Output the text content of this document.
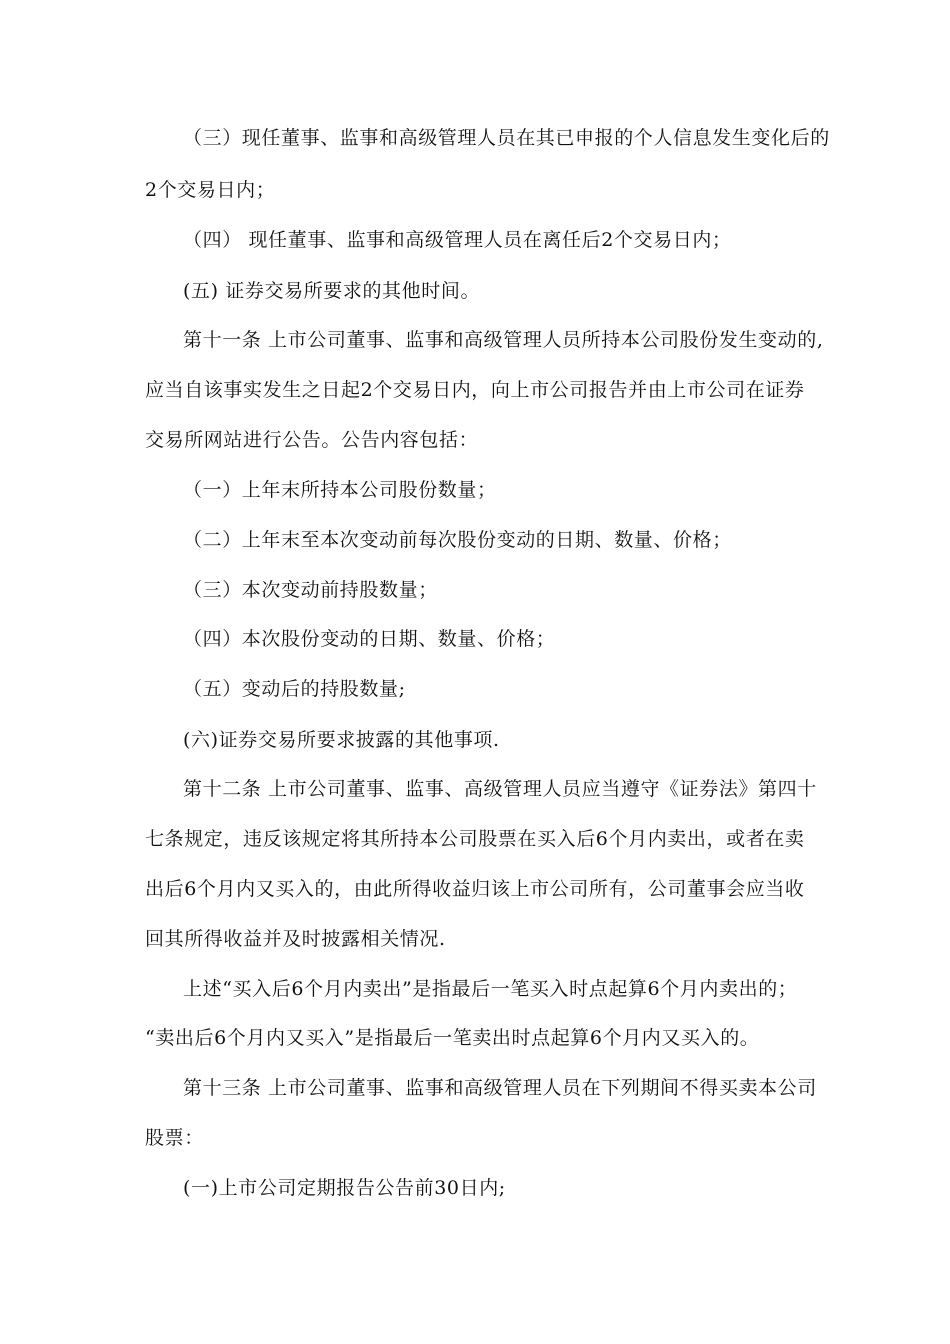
（三）现任董事、监事和高级管理人员在其已申报的个人信息发生变化后的
2个交易日内；
（四） 现任董事、监事和高级管理人员在离任后2个交易日内；
(五) 证券交易所要求的其他时间。
第十一条 上市公司董事、监事和高级管理人员所持本公司股份发生变动的,
应当自该事实发生之日起2个交易日内，向上市公司报告并由上市公司在证券
交易所网站进行公告。公告内容包括：
（一）上年末所持本公司股份数量；
（二）上年末至本次变动前每次股份变动的日期、数量、价格；
（三）本次变动前持股数量；
（四）本次股份变动的日期、数量、价格；
（五）变动后的持股数量;
(六)证券交易所要求披露的其他事项.
第十二条 上市公司董事、监事、高级管理人员应当遵守《证券法》第四十
七条规定，违反该规定将其所持本公司股票在买入后6个月内卖出，或者在卖
出后6个月内又买入的，由此所得收益归该上市公司所有，公司董事会应当收
回其所得收益并及时披露相关情况.
上述“买入后6个月内卖出”是指最后一笔买入时点起算6个月内卖出的；
“卖出后6个月内又买入”是指最后一笔卖出时点起算6个月内又买入的。
第十三条 上市公司董事、监事和高级管理人员在下列期间不得买卖本公司
股票：
(一)上市公司定期报告公告前30日内;
